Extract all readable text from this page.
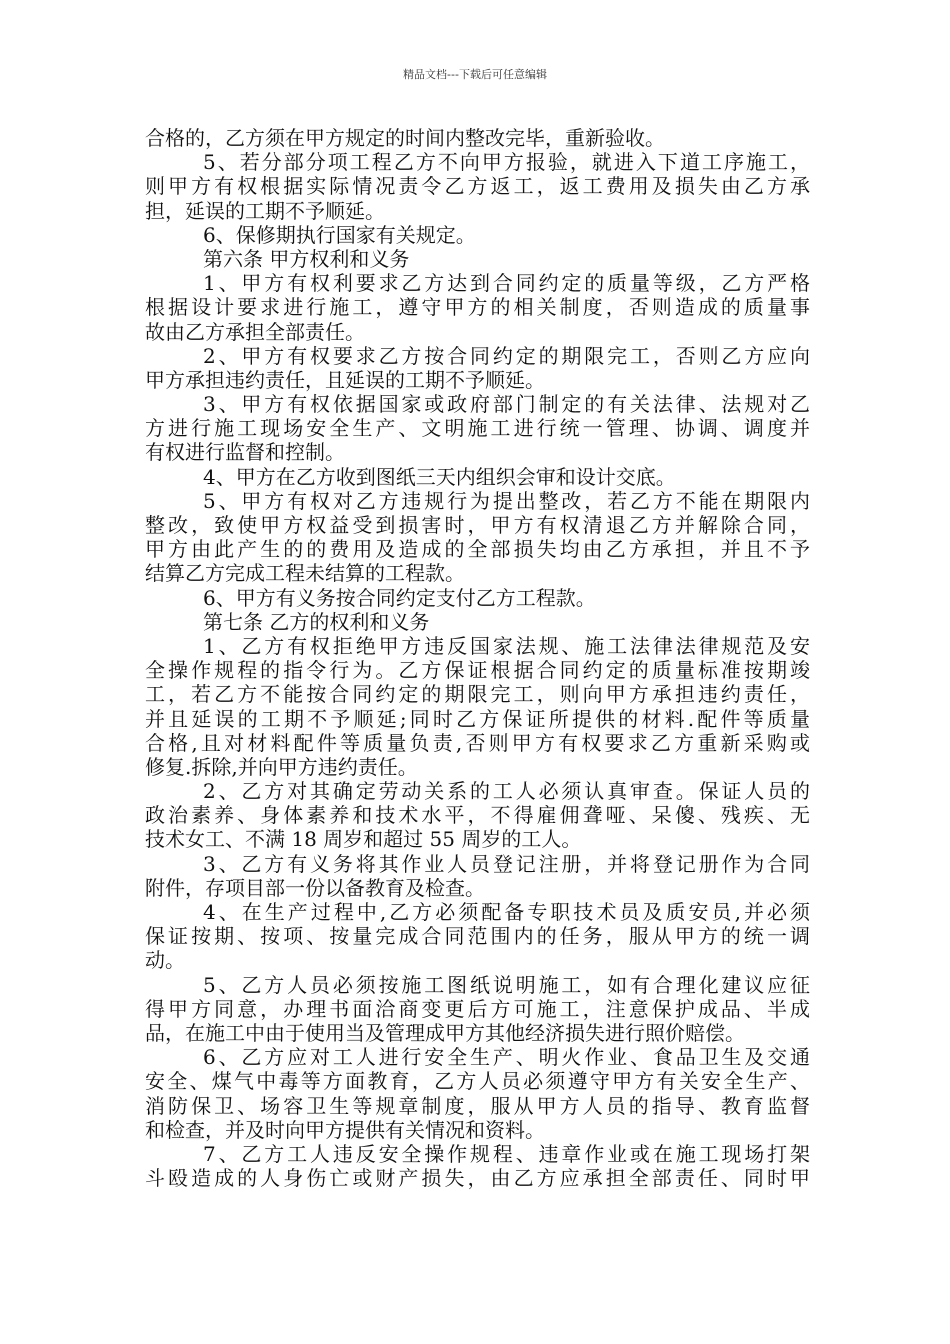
精品文档---下载后可任意编辑
合格的，乙方须在甲方规定的时间内整改完毕，重新验收。
5、若分部分项工程乙方不向甲方报验，就进入下道工序施工，
则甲方有权根据实际情况责令乙方返工，返工费用及损失由乙方承
担，延误的工期不予顺延。
6、保修期执行国家有关规定。
第六条 甲方权利和义务
1、甲方有权利要求乙方达到合同约定的质量等级，乙方严格
根据设计要求进行施工，遵守甲方的相关制度，否则造成的质量事
故由乙方承担全部责任。
2、甲方有权要求乙方按合同约定的期限完工，否则乙方应向
甲方承担违约责任，且延误的工期不予顺延。
3、甲方有权依据国家或政府部门制定的有关法律、法规对乙
方进行施工现场安全生产、文明施工进行统一管理、协调、调度并
有权进行监督和控制。
4、甲方在乙方收到图纸三天内组织会审和设计交底。
5、甲方有权对乙方违规行为提出整改，若乙方不能在期限内
整改，致使甲方权益受到损害时，甲方有权清退乙方并解除合同，
甲方由此产生的的费用及造成的全部损失均由乙方承担，并且不予
结算乙方完成工程未结算的工程款。
6、甲方有义务按合同约定支付乙方工程款。
第七条 乙方的权利和义务
1、乙方有权拒绝甲方违反国家法规、施工法律法律规范及安
全操作规程的指令行为。乙方保证根据合同约定的质量标准按期竣
工，若乙方不能按合同约定的期限完工，则向甲方承担违约责任，
并且延误的工期不予顺延;同时乙方保证所提供的材料.配件等质量
合格,且对材料配件等质量负责,否则甲方有权要求乙方重新采购或
修复.拆除,并向甲方违约责任。
2、乙方对其确定劳动关系的工人必须认真审查。保证人员的
政治素养、身体素养和技术水平，不得雇佣聋哑、呆傻、残疾、无
技术女工、不满 18 周岁和超过 55 周岁的工人。
3、乙方有义务将其作业人员登记注册，并将登记册作为合同
附件，存项目部一份以备教育及检查。
4、在生产过程中,乙方必须配备专职技术员及质安员,并必须
保证按期、按项、按量完成合同范围内的任务，服从甲方的统一调
动。
5、乙方人员必须按施工图纸说明施工，如有合理化建议应征
得甲方同意，办理书面洽商变更后方可施工，注意保护成品、半成
品，在施工中由于使用当及管理成甲方其他经济损失进行照价赔偿。
6、乙方应对工人进行安全生产、明火作业、食品卫生及交通
安全、煤气中毒等方面教育，乙方人员必须遵守甲方有关安全生产、
消防保卫、场容卫生等规章制度，服从甲方人员的指导、教育监督
和检查，并及时向甲方提供有关情况和资料。
7、乙方工人违反安全操作规程、违章作业或在施工现场打架
斗殴造成的人身伤亡或财产损失，由乙方应承担全部责任、同时甲
